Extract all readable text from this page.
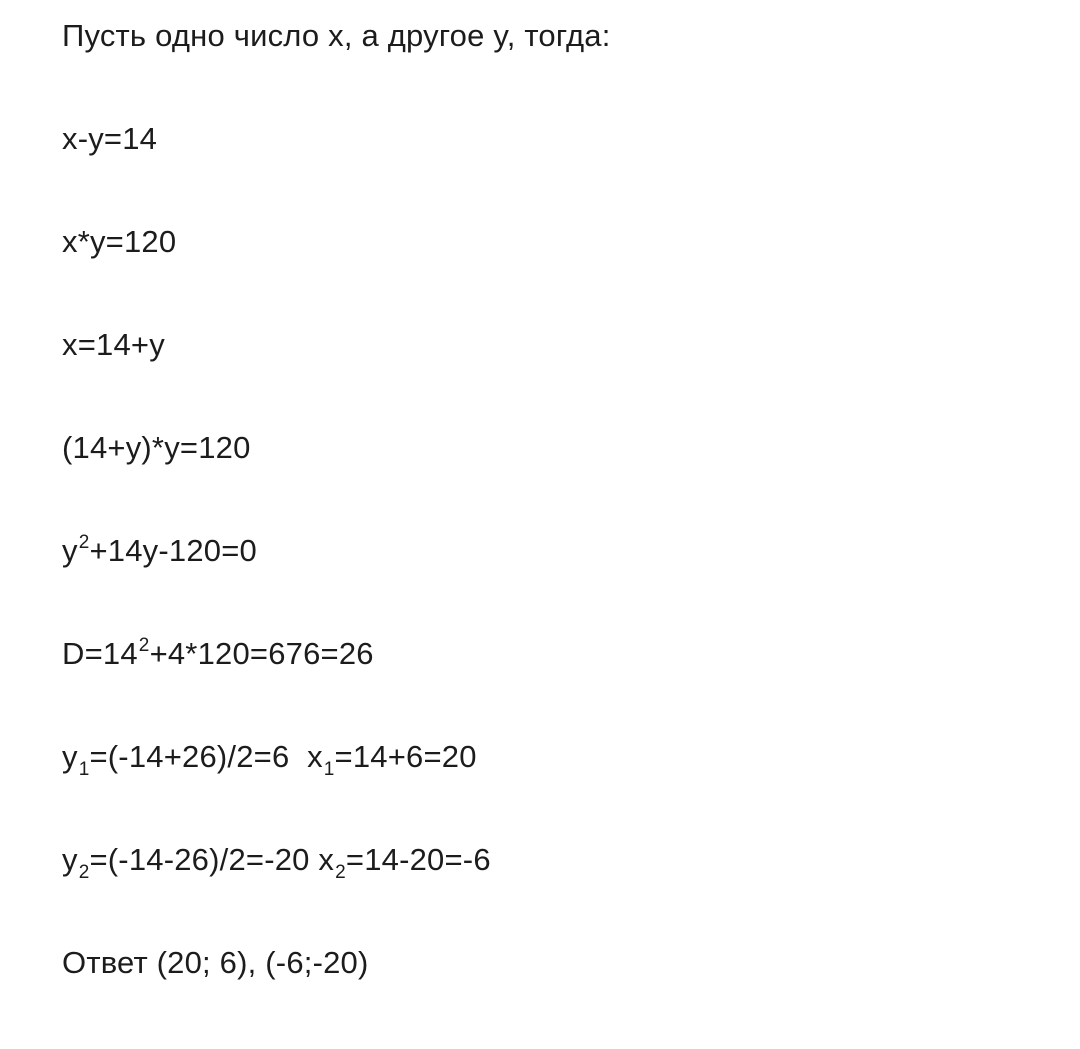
Пусть одно число x, а другое y, тогда:
x-y=14
x*y=120
x=14+y
(14+y)*y=120
$y^2+14y-120=0$
$D=14^2+4*120=676=26$
$y_1=(-14+26)/2=6$  $x_1=14+6=20$
$y_2=(-14-26)/2=-20$ $x_2=14-20=-6$
Ответ (20; 6), (-6;-20)
